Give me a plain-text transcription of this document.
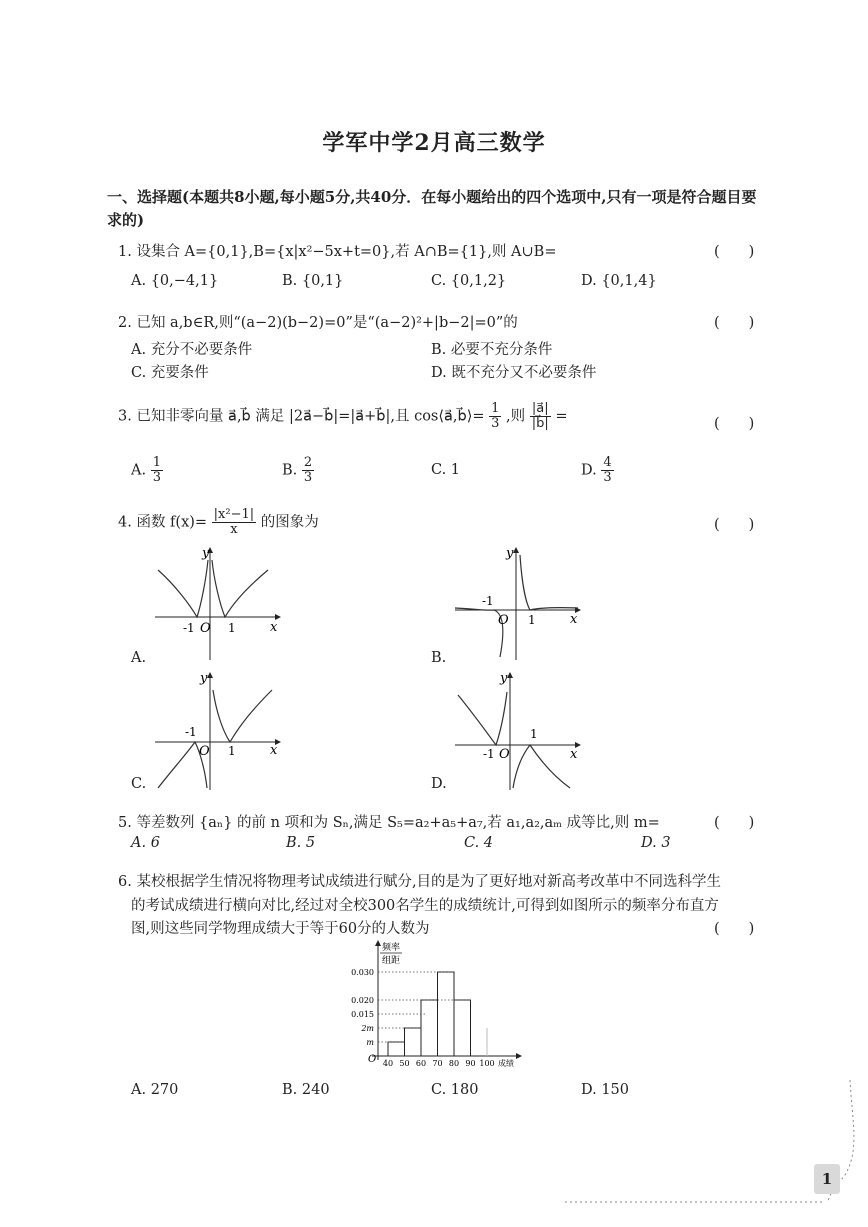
学军中学2月高三数学
一、选择题(本题共8小题,每小题5分,共40分．在每小题给出的四个选项中,只有一项是符合题目要求的)
1. 设集合 A={0,1},B={x|x²−5x+t=0},若 A∩B={1},则 A∪B=	(　　)
A. {0,−4,1}	B. {0,1}	C. {0,1,2}	D. {0,1,4}
2. 已知 a,b∈R,则“(a−2)(b−2)=0”是“(a−2)²+|b−2|=0”的	(　　)
A. 充分不必要条件	B. 必要不充分条件
C. 充要条件	D. 既不充分又不必要条件
3. 已知非零向量 a⃗,b⃗ 满足 |2a⃗−b⃗|=|a⃗+b⃗|,且 cos⟨a⃗,b⃗⟩= $\frac{1}{3}$ ,则 $\frac{|a⃗|}{|b⃗|}$ =	(　　)
A. $\frac{1}{3}$	B. $\frac{2}{3}$	C. 1	D. $\frac{4}{3}$
4. 函数 $f(x)= \frac{\text{|x²−1|}}{x}$ 的图象为	(　　)
y
x
-1 O 1
A.
y
x
-1
O 1
B.
y
x
-1
O 1
C.
y
x
-1 O
1
D.
5. 等差数列 {aₙ} 的前 n 项和为 Sₙ,满足 S₅=a₂+a₅+a₇,若 a₁,a₂,aₘ 成等比,则 m=	(　　)
A. 6	B. 5	C. 4	D. 3
6. 某校根据学生情况将物理考试成绩进行赋分,目的是为了更好地对新高考改革中不同选科学生
的考试成绩进行横向对比,经过对全校300名学生的成绩统计,可得到如图所示的频率分布直方
图,则这些同学物理成绩大于等于60分的人数为	(　　)
频率
组距
O	成绩
0.030
0.020
0.015
2m
m
40 50 60 70 80 90 100
A. 270	B. 240	C. 180	D. 150
1
